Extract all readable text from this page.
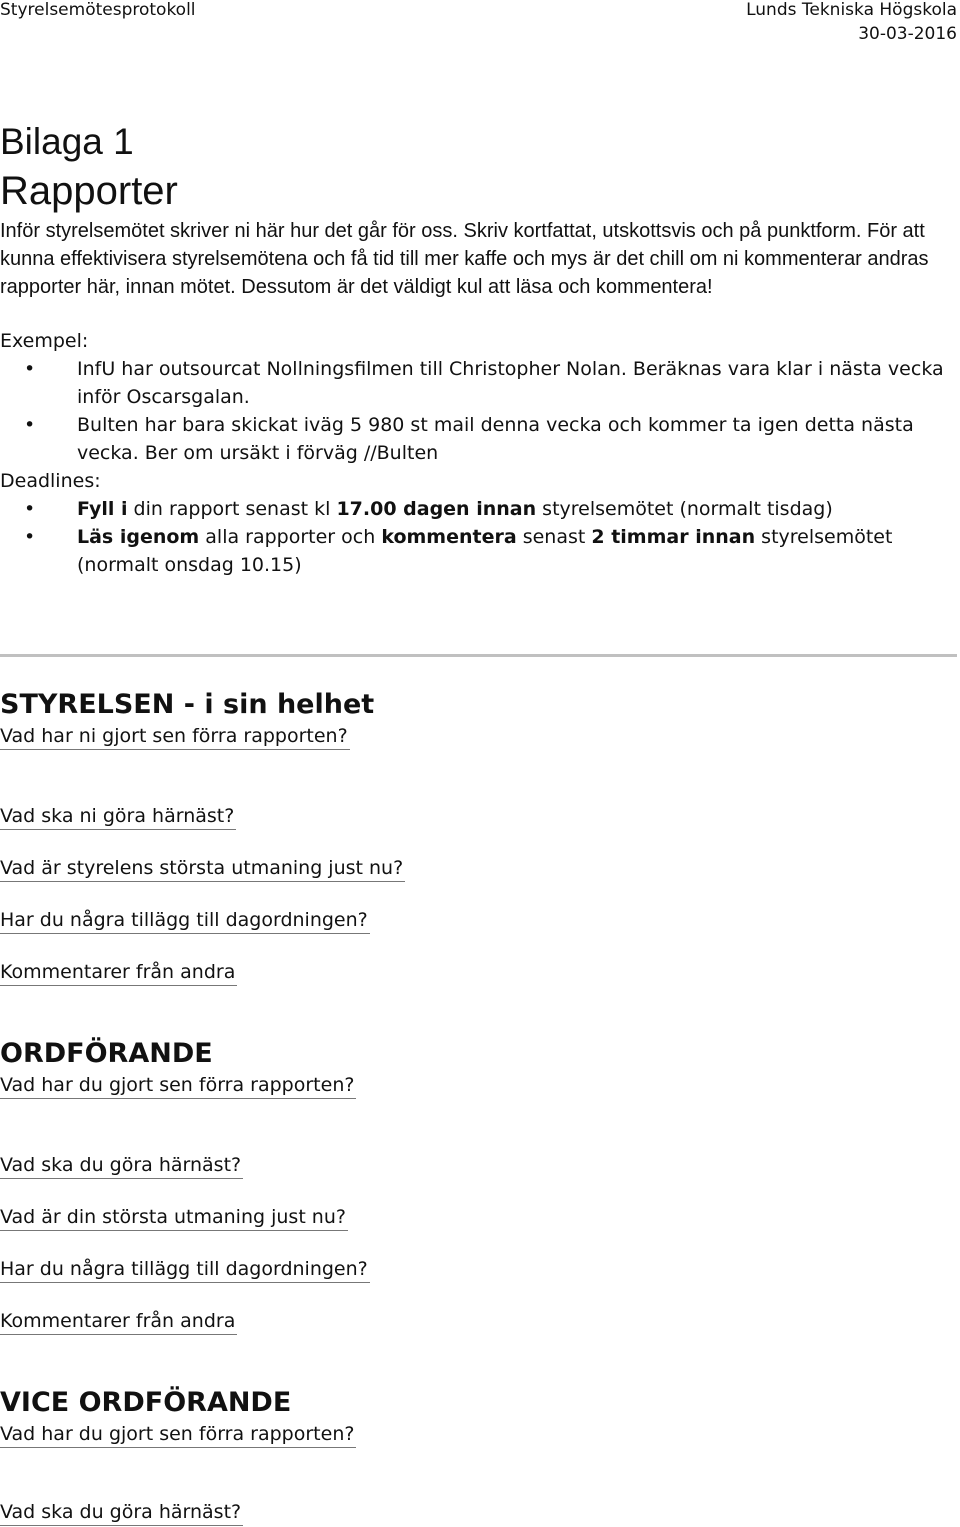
Styrelsemötesprotokoll	Lunds Tekniska Högskola
30-03-2016
Bilaga 1
Rapporter

Inför styrelsemötet skriver ni här hur det går för oss. Skriv kortfattat, utskottsvis och på punktform. För att kunna effektivisera styrelsemötena och få tid till mer kaffe och mys är det chill om ni kommenterar andras rapporter här, innan mötet. Dessutom är det väldigt kul att läsa och kommentera!

Exempel:
• InfU har outsourcat Nollningsfilmen till Christopher Nolan. Beräknas vara klar i nästa vecka inför Oscarsgalan.
• Bulten har bara skickat iväg 5 980 st mail denna vecka och kommer ta igen detta nästa vecka. Ber om ursäkt i förväg //Bulten
Deadlines:
• Fyll i din rapport senast kl 17.00 dagen innan styrelsemötet (normalt tisdag)
• Läs igenom alla rapporter och kommentera senast 2 timmar innan styrelsemötet (normalt onsdag 10.15)
STYRELSEN - i sin helhet
Vad har ni gjort sen förra rapporten?
Vad ska ni göra härnäst?
Vad är styrelens största utmaning just nu?
Har du några tillägg till dagordningen?
Kommentarer från andra
ORDFÖRANDE
Vad har du gjort sen förra rapporten?
Vad ska du göra härnäst?
Vad är din största utmaning just nu?
Har du några tillägg till dagordningen?
Kommentarer från andra
VICE ORDFÖRANDE
Vad har du gjort sen förra rapporten?
Vad ska du göra härnäst?
